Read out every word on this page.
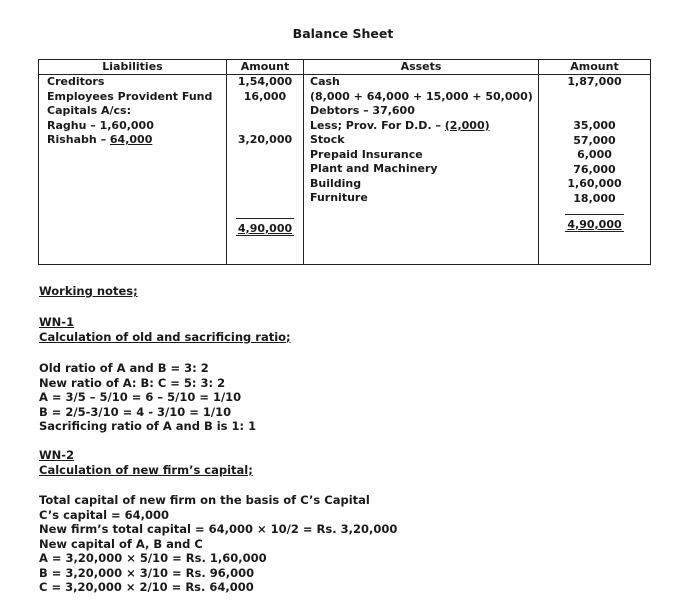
Balance Sheet
Liabilities
Creditors
Employees Provident Fund
Capitals A/cs:
Raghu – 1,60,000
Rishabh – 64,000
Amount
1,54,000
16,000
3,20,000
4,90,000
Assets
Cash
(8,000 + 64,000 + 15,000 + 50,000)
Debtors – 37,600
Less; Prov. For D.D. – (2,000)
Stock
Prepaid Insurance
Plant and Machinery
Building
Furniture
Amount
1,87,000
35,000
57,000
6,000
76,000
1,60,000
18,000
4,90,000
Working notes;
WN-1
Calculation of old and sacrificing ratio;
Old ratio of A and B = 3: 2
New ratio of A: B: C = 5: 3: 2
A = 3/5 – 5/10 = 6 – 5/10 = 1/10
B = 2/5-3/10 = 4 - 3/10 = 1/10
Sacrificing ratio of A and B is 1: 1
WN-2
Calculation of new firm’s capital;
Total capital of new firm on the basis of C’s Capital
C’s capital = 64,000
New firm’s total capital = 64,000 × 10/2 = Rs. 3,20,000
New capital of A, B and C
A = 3,20,000 × 5/10 = Rs. 1,60,000
B = 3,20,000 × 3/10 = Rs. 96,000
C = 3,20,000 × 2/10 = Rs. 64,000
